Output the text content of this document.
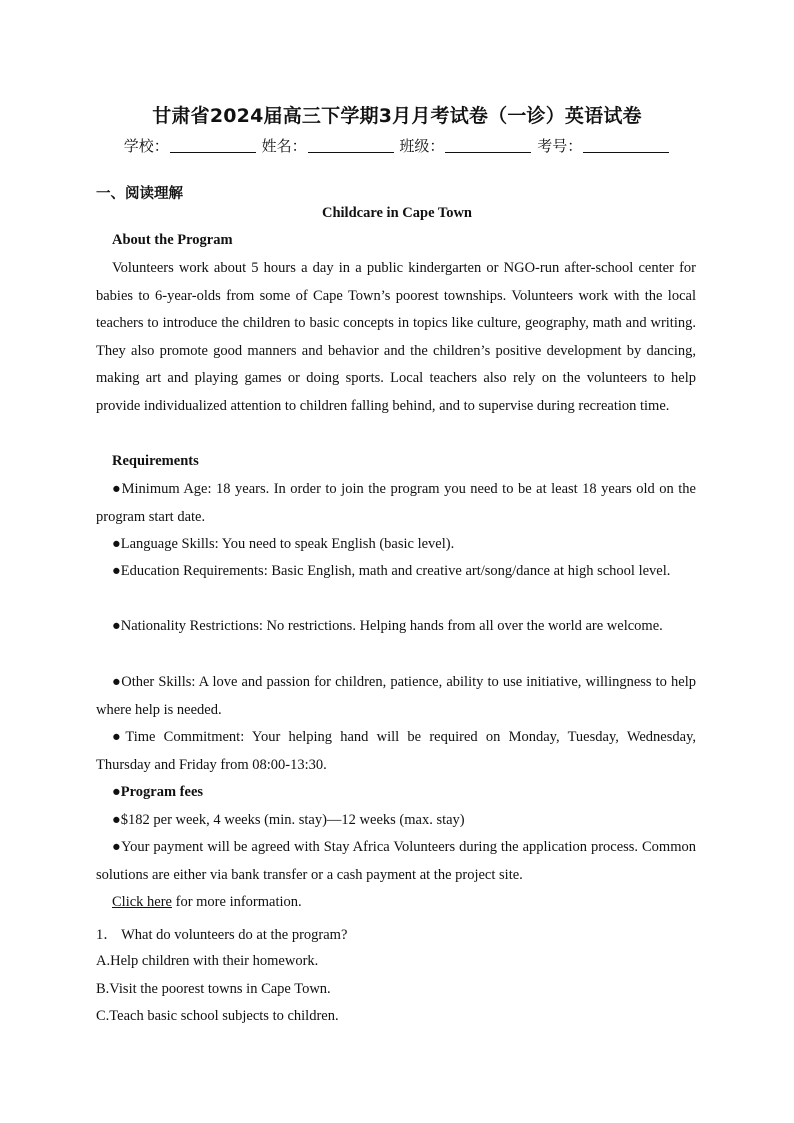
甘肃省2024届高三下学期3月月考试卷（一诊）英语试卷
学校：	姓名：	班级：	考号：
一、阅读理解
Childcare in Cape Town
About the Program
Volunteers work about 5 hours a day in a public kindergarten or NGO-run after-school center for babies to 6-year-olds from some of Cape Town’s poorest townships. Volunteers work with the local teachers to introduce the children to basic concepts in topics like culture, geography, math and writing. They also promote good manners and behavior and the children’s positive development by dancing, making art and playing games or doing sports. Local teachers also rely on the volunteers to help provide individualized attention to children falling behind, and to supervise during recreation time.
Requirements
●Minimum Age: 18 years. In order to join the program you need to be at least 18 years old on the program start date.
●Language Skills: You need to speak English (basic level).
●Education Requirements: Basic English, math and creative art/song/dance at high school level.
●Nationality Restrictions: No restrictions. Helping hands from all over the world are welcome.
●Other Skills: A love and passion for children, patience, ability to use initiative, willingness to help where help is needed.
●Time Commitment: Your helping hand will be required on Monday, Tuesday, Wednesday, Thursday and Friday from 08:00-13:30.
●Program fees
●$182 per week, 4 weeks (min. stay)—12 weeks (max. stay)
●Your payment will be agreed with Stay Africa Volunteers during the application process. Common solutions are either via bank transfer or a cash payment at the project site.
Click here for more information.
1． What do volunteers do at the program?
A.Help children with their homework.
B.Visit the poorest towns in Cape Town.
C.Teach basic school subjects to children.
